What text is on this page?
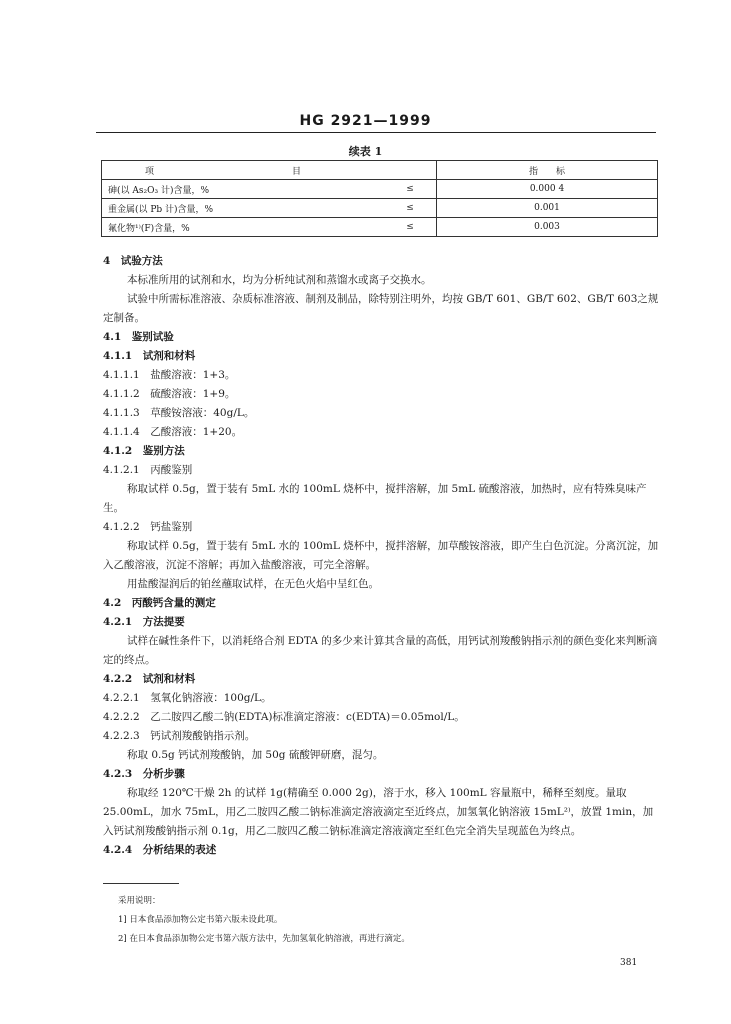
HG 2921—1999
续表 1
项　　目		指　　标
砷(以 As₂O₃ 计)含量，%	≤	0.000 4
重金属(以 Pb 计)含量，%	≤	0.001
氟化物¹⁾(F)含量，%	≤	0.003

4　试验方法

本标准所用的试剂和水，均为分析纯试剂和蒸馏水或离子交换水。

试验中所需标准溶液、杂质标准溶液、制剂及制品，除特别注明外，均按 GB/T 601、GB/T 602、GB/T 603之规定制备。

4.1　鉴别试验

4.1.1　试剂和材料

4.1.1.1　盐酸溶液：1+3。

4.1.1.2　硫酸溶液：1+9。

4.1.1.3　草酸铵溶液：40g/L。

4.1.1.4　乙酸溶液：1+20。

4.1.2　鉴别方法

4.1.2.1　丙酸鉴别

称取试样 0.5g，置于装有 5mL 水的 100mL 烧杯中，搅拌溶解，加 5mL 硫酸溶液，加热时，应有特殊臭味产生。

4.1.2.2　钙盐鉴别

称取试样 0.5g，置于装有 5mL 水的 100mL 烧杯中，搅拌溶解，加草酸铵溶液，即产生白色沉淀。分离沉淀，加入乙酸溶液，沉淀不溶解；再加入盐酸溶液，可完全溶解。

用盐酸湿润后的铂丝蘸取试样，在无色火焰中呈红色。

4.2　丙酸钙含量的测定

4.2.1　方法提要

试样在碱性条件下，以消耗络合剂 EDTA 的多少来计算其含量的高低，用钙试剂羧酸钠指示剂的颜色变化来判断滴定的终点。

4.2.2　试剂和材料

4.2.2.1　氢氧化钠溶液：100g/L。

4.2.2.2　乙二胺四乙酸二钠(EDTA)标准滴定溶液：c(EDTA)＝0.05mol/L。

4.2.2.3　钙试剂羧酸钠指示剂。

称取 0.5g 钙试剂羧酸钠，加 50g 硫酸钾研磨，混匀。

4.2.3　分析步骤

称取经 120℃干燥 2h 的试样 1g(精确至 0.000 2g)，溶于水，移入 100mL 容量瓶中，稀释至刻度。量取 25.00mL，加水 75mL，用乙二胺四乙酸二钠标准滴定溶液滴定至近终点，加氢氧化钠溶液 15mL²⁾，放置 1min，加入钙试剂羧酸钠指示剂 0.1g，用乙二胺四乙酸二钠标准滴定溶液滴定至红色完全消失呈现蓝色为终点。

4.2.4　分析结果的表述

采用说明：

1] 日本食品添加物公定书第六版未设此项。

2] 在日本食品添加物公定书第六版方法中，先加氢氧化钠溶液，再进行滴定。

381
